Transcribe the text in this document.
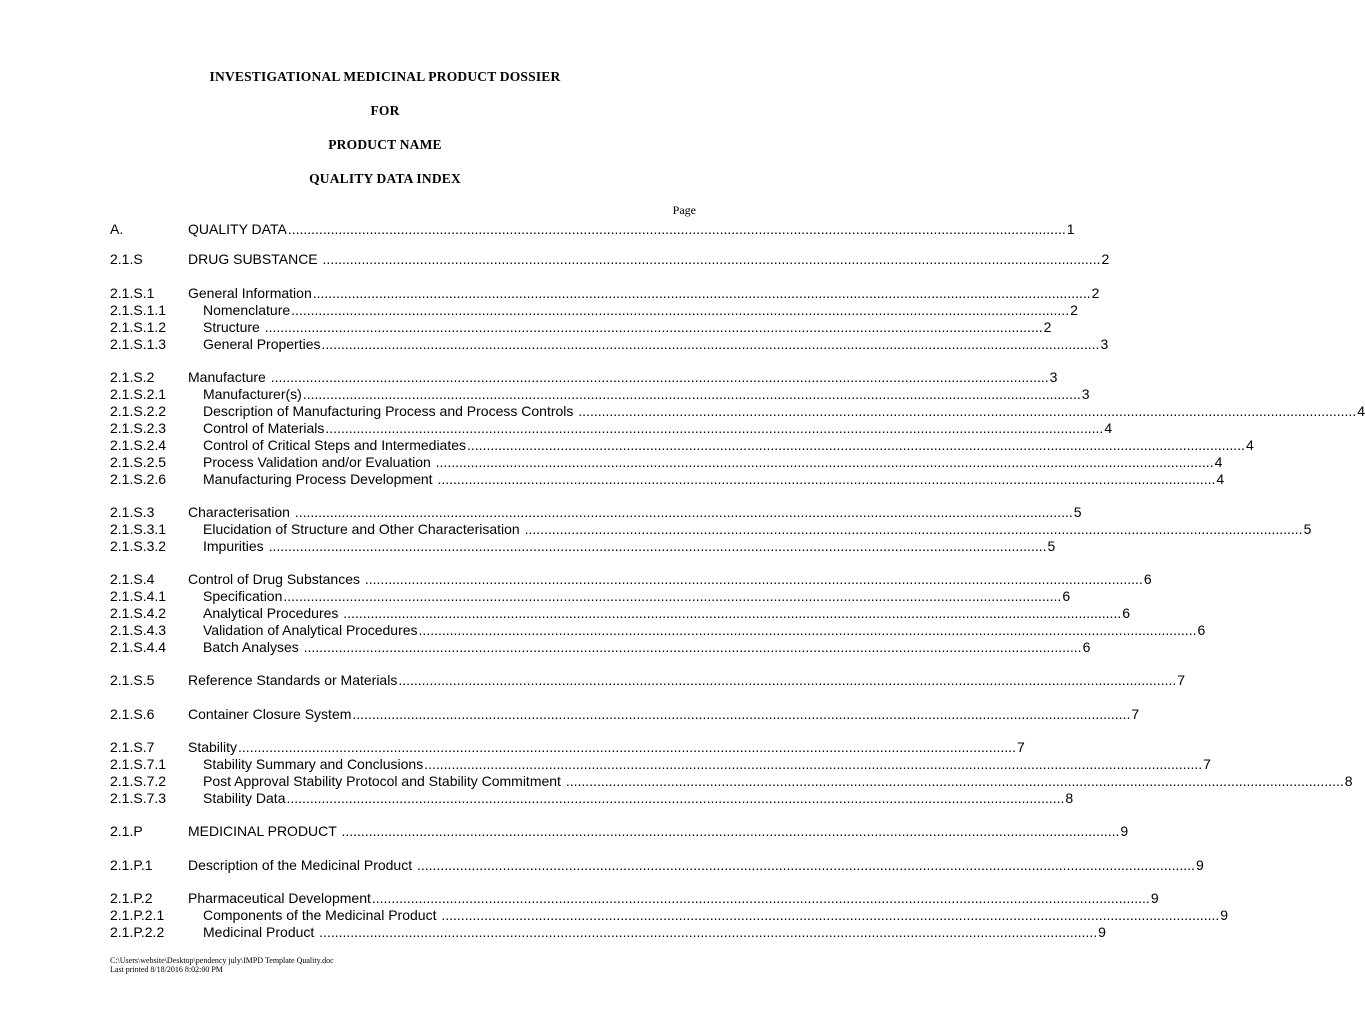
INVESTIGATIONAL MEDICINAL PRODUCT DOSSIER
FOR
PRODUCT NAME
QUALITY DATA INDEX
Page
A.	QUALITY DATA ........................................................................................................................................................................................................ 1
2.1.S	DRUG SUBSTANCE ........................................................................................................................................................................................................ 2
2.1.S.1 General Information ........................................................................................................................................................................................................ 2
2.1.S.1.1	Nomenclature ........................................................................................................................................................................................................ 2
2.1.S.1.2	Structure ........................................................................................................................................................................................................ 2
2.1.S.1.3	General Properties ........................................................................................................................................................................................................ 3
2.1.S.2 Manufacture ........................................................................................................................................................................................................ 3
2.1.S.2.1	Manufacturer(s) ........................................................................................................................................................................................................ 3
2.1.S.2.2	Description of Manufacturing Process and Process Controls ........................................................................................................................................................................................................ 4
2.1.S.2.3	Control of Materials ........................................................................................................................................................................................................ 4
2.1.S.2.4	Control of Critical Steps and Intermediates ........................................................................................................................................................................................................ 4
2.1.S.2.5	Process Validation and/or Evaluation ........................................................................................................................................................................................................ 4
2.1.S.2.6	Manufacturing Process Development ........................................................................................................................................................................................................ 4
2.1.S.3 Characterisation ........................................................................................................................................................................................................ 5
2.1.S.3.1	Elucidation of Structure and Other Characterisation ........................................................................................................................................................................................................ 5
2.1.S.3.2	Impurities ........................................................................................................................................................................................................ 5
2.1.S.4 Control of Drug Substances ........................................................................................................................................................................................................ 6
2.1.S.4.1	Specification ........................................................................................................................................................................................................ 6
2.1.S.4.2	Analytical Procedures ........................................................................................................................................................................................................ 6
2.1.S.4.3	Validation of Analytical Procedures ........................................................................................................................................................................................................ 6
2.1.S.4.4	Batch Analyses ........................................................................................................................................................................................................ 6
2.1.S.5 Reference Standards or Materials ........................................................................................................................................................................................................ 7
2.1.S.6 Container Closure System ........................................................................................................................................................................................................ 7
2.1.S.7 Stability ........................................................................................................................................................................................................ 7
2.1.S.7.1	Stability Summary and Conclusions ........................................................................................................................................................................................................ 7
2.1.S.7.2	Post Approval Stability Protocol and Stability Commitment ........................................................................................................................................................................................................ 8
2.1.S.7.3	Stability Data ........................................................................................................................................................................................................ 8
2.1.P	MEDICINAL PRODUCT ........................................................................................................................................................................................................ 9
2.1.P.1	Description of the Medicinal Product ........................................................................................................................................................................................................ 9
2.1.P.2	Pharmaceutical Development ........................................................................................................................................................................................................ 9
2.1.P.2.1	Components of the Medicinal Product ........................................................................................................................................................................................................ 9
2.1.P.2.2	Medicinal Product ........................................................................................................................................................................................................ 9
C:\Users\website\Desktop\pendency july\IMPD Template Quality.doc
Last printed 8/18/2016 8:02:00 PM
